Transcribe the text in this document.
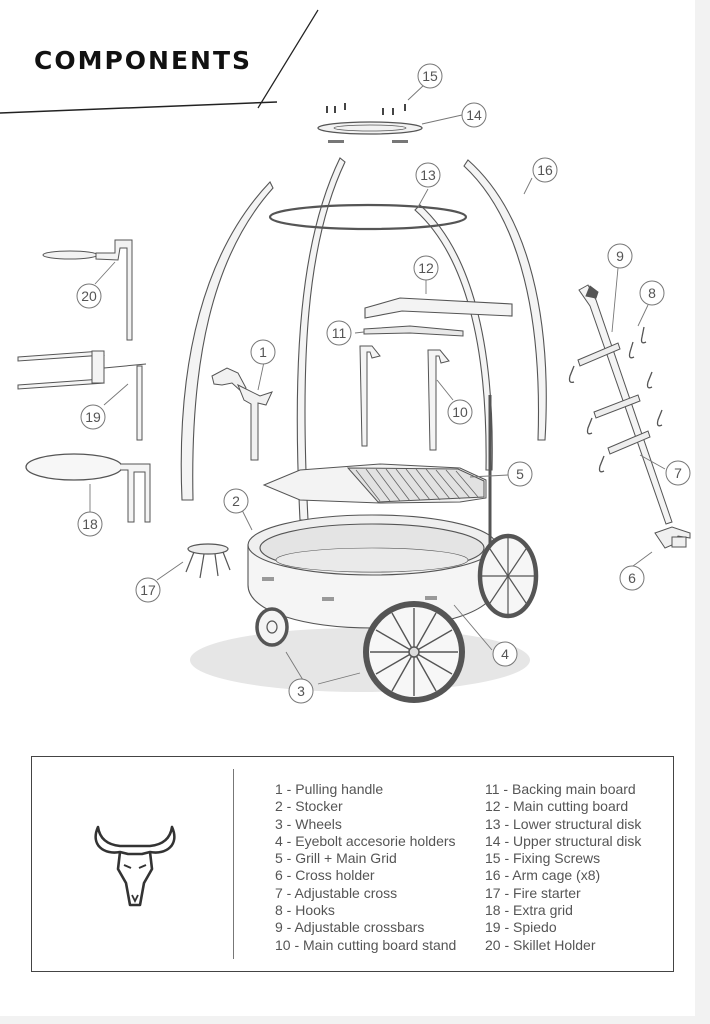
COMPONENTS
1
2
3
4
5
6
7
8
9
10
11
12
13
14
15
16
17
18
19
20
1 - Pulling handle
2 - Stocker
3 - Wheels
4 - Eyebolt accesorie holders
5 - Grill + Main Grid
6 - Cross holder
7 - Adjustable cross
8 - Hooks
9 - Adjustable crossbars
10 - Main cutting board stand
11 - Backing main board
12 - Main cutting board
13 - Lower structural disk
14 - Upper structural disk
15 - Fixing Screws
16 - Arm cage (x8)
17 - Fire starter
18 - Extra grid
19 - Spiedo
20 - Skillet Holder
